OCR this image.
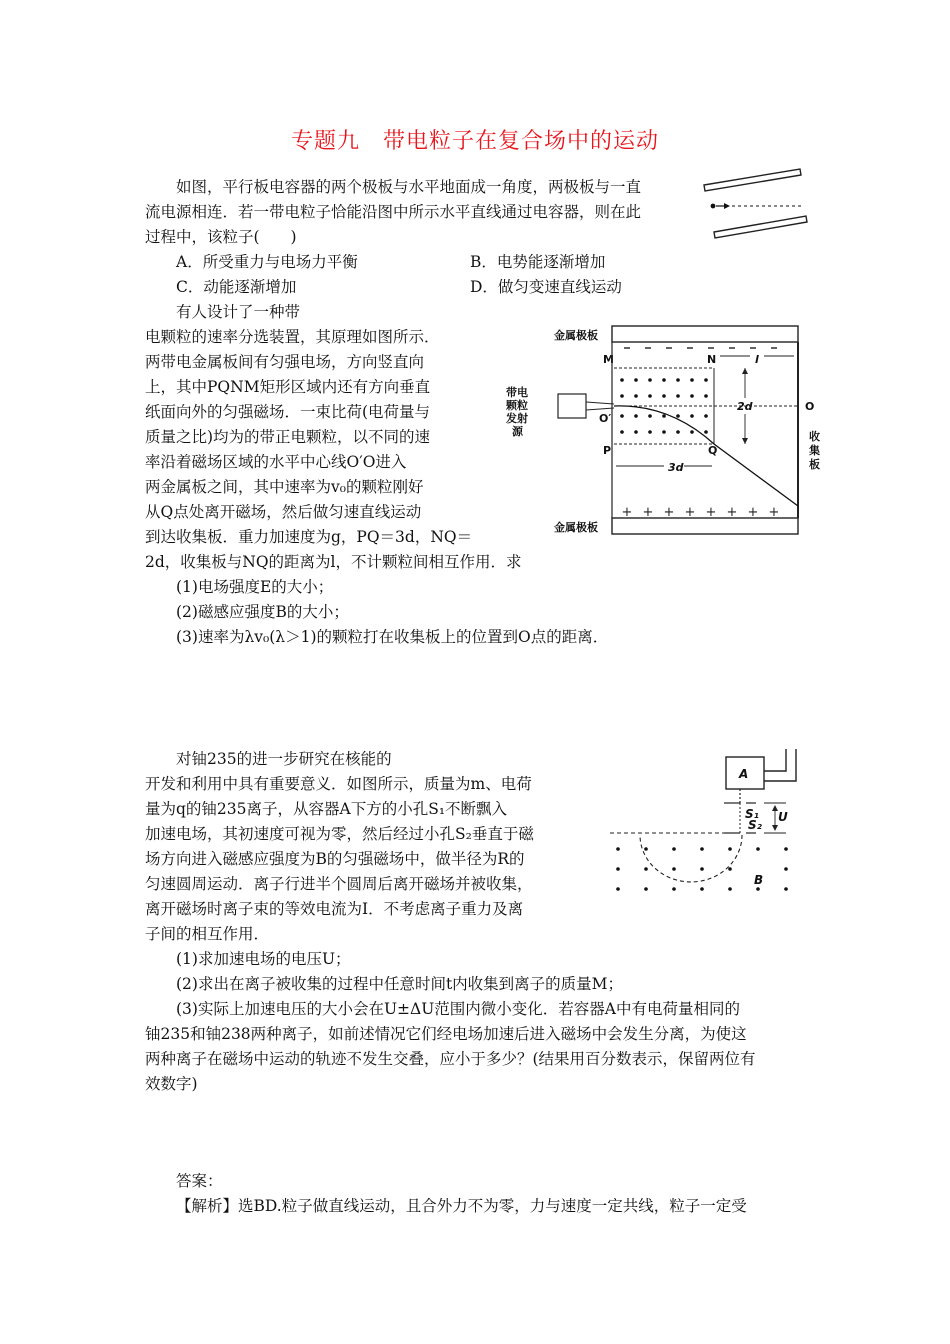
专题九　带电粒子在复合场中的运动
如图，平行板电容器的两个极板与水平地面成一角度，两极板与一直
流电源相连．若一带电粒子恰能沿图中所示水平直线通过电容器，则在此
过程中，该粒子(　　)
A．所受重力与电场力平衡	B．电势能逐渐增加
C．动能逐渐增加	D．做匀变速直线运动
有人设计了一种带
电颗粒的速率分选装置，其原理如图所示．
两带电金属板间有匀强电场，方向竖直向
上，其中PQNM矩形区域内还有方向垂直
纸面向外的匀强磁场．一束比荷(电荷量与
质量之比)均为的带正电颗粒，以不同的速
率沿着磁场区域的水平中心线O′O进入
两金属板之间，其中速率为v₀的颗粒刚好
从Q点处离开磁场，然后做匀速直线运动
到达收集板．重力加速度为g，PQ＝3d，NQ＝
2d，收集板与NQ的距离为l，不计颗粒间相互作用．求
(1)电场强度E的大小；
(2)磁感应强度B的大小；
(3)速率为λv₀(λ＞1)的颗粒打在收集板上的位置到O点的距离．
金属极板
金属极板
M	N
P	Q
O′
O
l
2d
3d
带电
颗粒
发射
源	收
集
板
+ + + + + + + +
对铀235的进一步研究在核能的
开发和利用中具有重要意义．如图所示，质量为m、电荷
量为q的铀235离子，从容器A下方的小孔S₁不断飘入
加速电场，其初速度可视为零，然后经过小孔S₂垂直于磁
场方向进入磁感应强度为B的匀强磁场中，做半径为R的
匀速圆周运动．离子行进半个圆周后离开磁场并被收集，
离开磁场时离子束的等效电流为I．不考虑离子重力及离
子间的相互作用．
(1)求加速电场的电压U；
(2)求出在离子被收集的过程中任意时间t内收集到离子的质量M；
(3)实际上加速电压的大小会在U±ΔU范围内微小变化．若容器A中有电荷量相同的
铀235和铀238两种离子，如前述情况它们经电场加速后进入磁场中会发生分离，为使这
两种离子在磁场中运动的轨迹不发生交叠，应小于多少？(结果用百分数表示，保留两位有
效数字)
A
S₁
S₂
U
B
答案：
【解析】选BD.粒子做直线运动，且合外力不为零，力与速度一定共线，粒子一定受
